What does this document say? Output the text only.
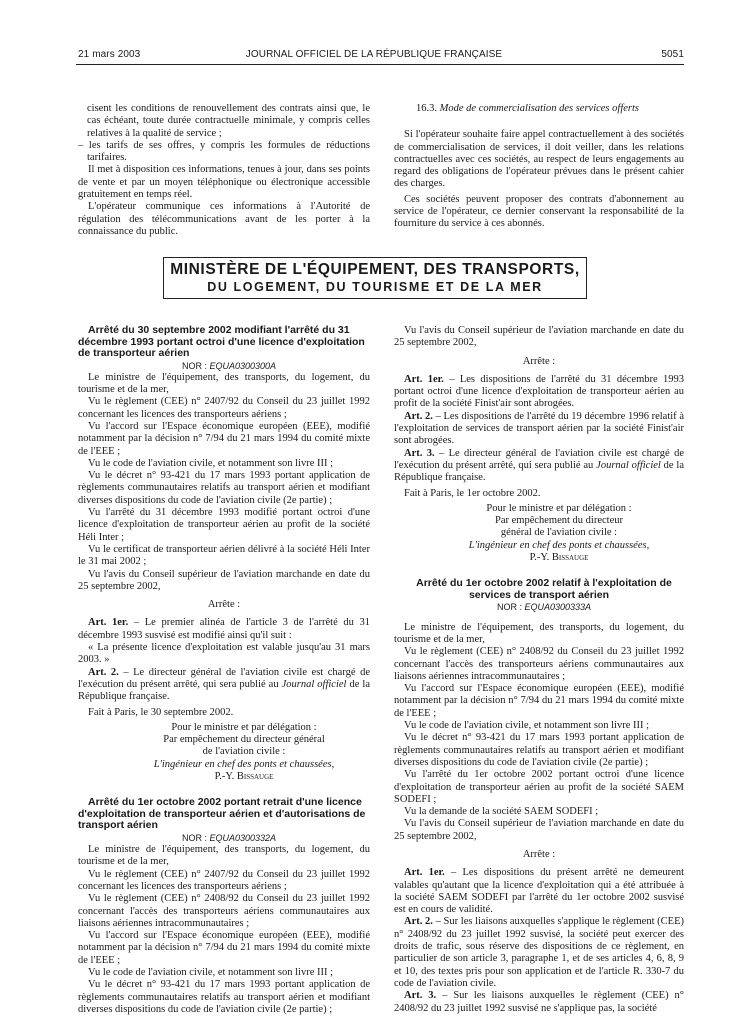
21 mars 2003	JOURNAL OFFICIEL DE LA RÉPUBLIQUE FRANÇAISE	5051

cisent les conditions de renouvellement des contrats ainsi que, le cas échéant, toute durée contractuelle minimale, y compris celles relatives à la qualité de service ;

– les tarifs de ses offres, y compris les formules de réductions tarifaires.

Il met à disposition ces informations, tenues à jour, dans ses points de vente et par un moyen téléphonique ou électronique accessible gratuitement en temps réel.

L'opérateur communique ces informations à l'Autorité de régulation des télécommunications avant de les porter à la connaissance du public.

16.3. Mode de commercialisation des services offerts

Si l'opérateur souhaite faire appel contractuellement à des sociétés de commercialisation de services, il doit veiller, dans les relations contractuelles avec ces sociétés, au respect de leurs engagements au regard des obligations de l'opérateur prévues dans le présent cahier des charges.

Ces sociétés peuvent proposer des contrats d'abonnement au service de l'opérateur, ce dernier conservant la responsabilité de la fourniture du service à ces abonnés.

MINISTÈRE DE L'ÉQUIPEMENT, DES TRANSPORTS,
DU LOGEMENT, DU TOURISME ET DE LA MER

Arrêté du 30 septembre 2002 modifiant l'arrêté du 31 décembre 1993 portant octroi d'une licence d'exploitation de transporteur aérien

NOR : EQUA0300300A

Le ministre de l'équipement, des transports, du logement, du tourisme et de la mer,

Vu le règlement (CEE) n° 2407/92 du Conseil du 23 juillet 1992 concernant les licences des transporteurs aériens ;

Vu l'accord sur l'Espace économique européen (EEE), modifié notamment par la décision n° 7/94 du 21 mars 1994 du comité mixte de l'EEE ;

Vu le code de l'aviation civile, et notamment son livre III ;

Vu le décret n° 93-421 du 17 mars 1993 portant application de règlements communautaires relatifs au transport aérien et modifiant diverses dispositions du code de l'aviation civile (2e partie) ;

Vu l'arrêté du 31 décembre 1993 modifié portant octroi d'une licence d'exploitation de transporteur aérien au profit de la société Héli Inter ;

Vu le certificat de transporteur aérien délivré à la société Héli Inter le 31 mai 2002 ;

Vu l'avis du Conseil supérieur de l'aviation marchande en date du 25 septembre 2002,

Arrête :

Art. 1er. – Le premier alinéa de l'article 3 de l'arrêté du 31 décembre 1993 susvisé est modifié ainsi qu'il suit :

« La présente licence d'exploitation est valable jusqu'au 31 mars 2003. »

Art. 2. – Le directeur général de l'aviation civile est chargé de l'exécution du présent arrêté, qui sera publié au Journal officiel de la République française.

Fait à Paris, le 30 septembre 2002.

Pour le ministre et par délégation :

Par empêchement du directeur général

de l'aviation civile :

L'ingénieur en chef des ponts et chaussées,

P.-Y. Bissauge

Arrêté du 1er octobre 2002 portant retrait d'une licence d'exploitation de transporteur aérien et d'autorisations de transport aérien

NOR : EQUA0300332A

Le ministre de l'équipement, des transports, du logement, du tourisme et de la mer,

Vu le règlement (CEE) n° 2407/92 du Conseil du 23 juillet 1992 concernant les licences des transporteurs aériens ;

Vu le règlement (CEE) n° 2408/92 du Conseil du 23 juillet 1992 concernant l'accès des transporteurs aériens communautaires aux liaisons aériennes intracommunautaires ;

Vu l'accord sur l'Espace économique européen (EEE), modifié notamment par la décision n° 7/94 du 21 mars 1994 du comité mixte de l'EEE ;

Vu le code de l'aviation civile, et notamment son livre III ;

Vu le décret n° 93-421 du 17 mars 1993 portant application de règlements communautaires relatifs au transport aérien et modifiant diverses dispositions du code de l'aviation civile (2e partie) ;

Vu l'avis du Conseil supérieur de l'aviation marchande en date du 25 septembre 2002,

Arrête :

Art. 1er. – Les dispositions de l'arrêté du 31 décembre 1993 portant octroi d'une licence d'exploitation de transporteur aérien au profit de la société Finist'air sont abrogées.

Art. 2. – Les dispositions de l'arrêté du 19 décembre 1996 relatif à l'exploitation de services de transport aérien par la société Finist'air sont abrogées.

Art. 3. – Le directeur général de l'aviation civile est chargé de l'exécution du présent arrêté, qui sera publié au Journal officiel de la République française.

Fait à Paris, le 1er octobre 2002.

Pour le ministre et par délégation :

Par empêchement du directeur

général de l'aviation civile :

L'ingénieur en chef des ponts et chaussées,

P.-Y. Bissauge

Arrêté du 1er octobre 2002 relatif à l'exploitation de services de transport aérien

NOR : EQUA0300333A

Le ministre de l'équipement, des transports, du logement, du tourisme et de la mer,

Vu le règlement (CEE) n° 2408/92 du Conseil du 23 juillet 1992 concernant l'accès des transporteurs aériens communautaires aux liaisons aériennes intracommunautaires ;

Vu l'accord sur l'Espace économique européen (EEE), modifié notamment par la décision n° 7/94 du 21 mars 1994 du comité mixte de l'EEE ;

Vu le code de l'aviation civile, et notamment son livre III ;

Vu le décret n° 93-421 du 17 mars 1993 portant application de règlements communautaires relatifs au transport aérien et modifiant diverses dispositions du code de l'aviation civile (2e partie) ;

Vu l'arrêté du 1er octobre 2002 portant octroi d'une licence d'exploitation de transporteur aérien au profit de la société SAEM SODEFI ;

Vu la demande de la société SAEM SODEFI ;

Vu l'avis du Conseil supérieur de l'aviation marchande en date du 25 septembre 2002,

Arrête :

Art. 1er. – Les dispositions du présent arrêté ne demeurent valables qu'autant que la licence d'exploitation qui a été attribuée à la société SAEM SODEFI par l'arrêté du 1er octobre 2002 susvisé est en cours de validité.

Art. 2. – Sur les liaisons auxquelles s'applique le règlement (CEE) n° 2408/92 du 23 juillet 1992 susvisé, la société peut exercer des droits de trafic, sous réserve des dispositions de ce règlement, en particulier de son article 3, paragraphe 1, et de ses articles 4, 6, 8, 9 et 10, des textes pris pour son application et de l'article R. 330-7 du code de l'aviation civile.

Art. 3. – Sur les liaisons auxquelles le règlement (CEE) n° 2408/92 du 23 juillet 1992 susvisé ne s'applique pas, la société
